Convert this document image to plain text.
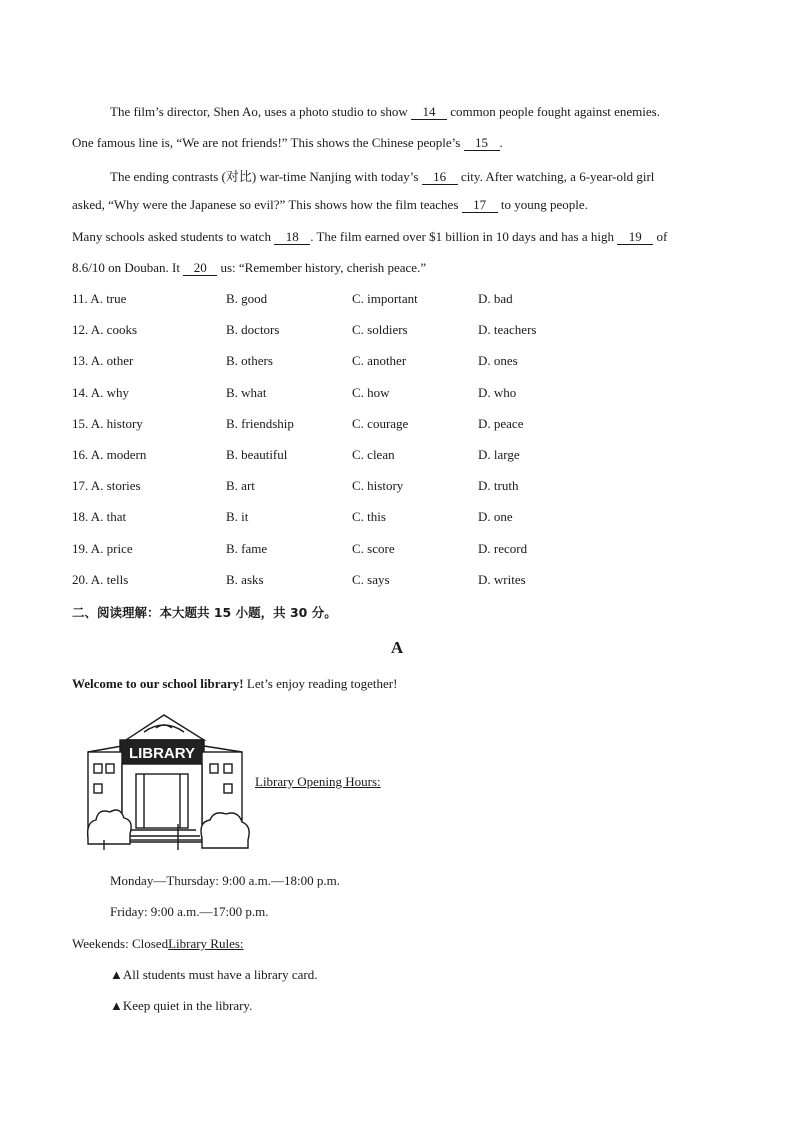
The film’s director, Shen Ao, uses a photo studio to show 14 common people fought against enemies.
One famous line is, “We are not friends!” This shows the Chinese people’s 15 .
The ending contrasts (对比) war-time Nanjing with today’s 16 city. After watching, a 6-year-old girl
asked, “Why were the Japanese so evil?” This shows how the film teaches 17 to young people.
Many schools asked students to watch 18 . The film earned over $1 billion in 10 days and has a high 19 of
8.6/10 on Douban. It 20 us: “Remember history, cherish peace.”
11. A. true	B. good	C. important	D. bad
12. A. cooks	B. doctors	C. soldiers	D. teachers
13. A. other	B. others	C. another	D. ones
14. A. why	B. what	C. how	D. who
15. A. history	B. friendship	C. courage	D. peace
16. A. modern	B. beautiful	C. clean	D. large
17. A. stories	B. art	C. history	D. truth
18. A. that	B. it	C. this	D. one
19. A. price	B. fame	C. score	D. record
20. A. tells	B. asks	C. says	D. writes
二、阅读理解：本大题共 15 小题，共 30 分。
A
Welcome to our school library! Let’s enjoy reading together!
LIBRARY
Library Opening Hours:
Monday—Thursday: 9:00 a.m.—18:00 p.m.
Friday: 9:00 a.m.—17:00 p.m.
Weekends: ClosedLibrary Rules:
▲All students must have a library card.
▲Keep quiet in the library.
